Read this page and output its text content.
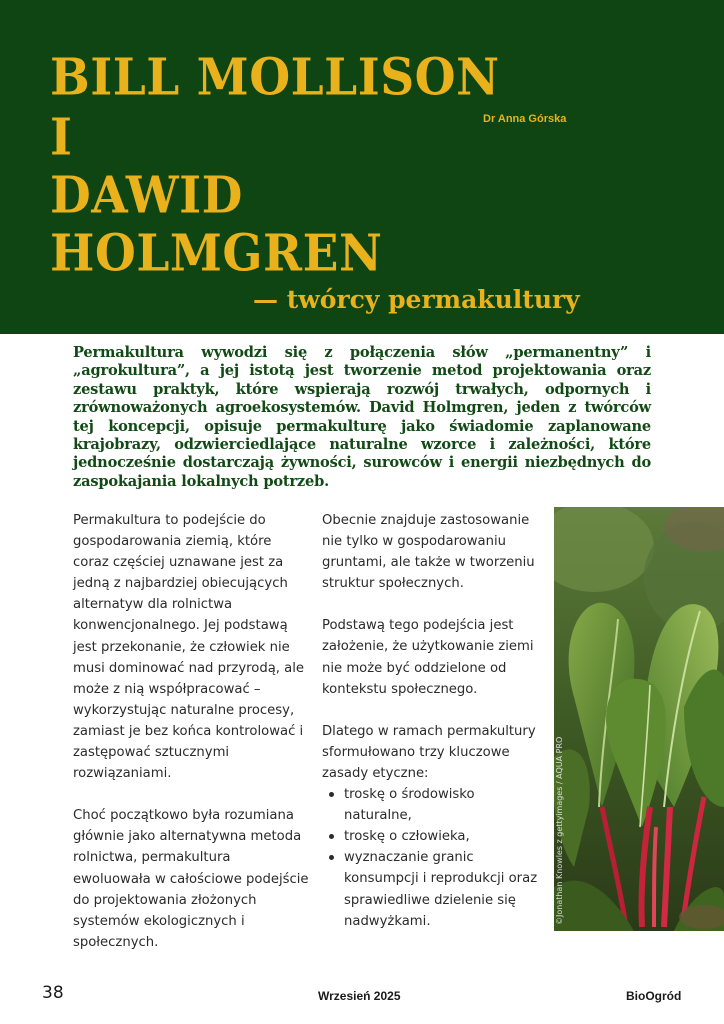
BILL MOLLISON
I
DAWID
HOLMGREN
Dr Anna Górska
— twórcy permakultury

Permakultura wywodzi się z połączenia słów „permanentny” i „agrokultura”, a jej istotą jest tworzenie metod projektowania oraz zestawu praktyk, które wspierają rozwój trwałych, odpornych i zrównoważonych agroekosystemów. David Holmgren, jeden z twórców tej koncepcji, opisuje permakulturę jako świadomie zaplanowane krajobrazy, odzwierciedlające naturalne wzorce i zależności, które jednocześnie dostarczają żywności, surowców i energii niezbędnych do zaspokajania lokalnych potrzeb.

Permakultura to podejście do gospodarowania ziemią, które coraz częściej uznawane jest za jedną z najbardziej obiecujących alternatyw dla rolnictwa konwencjonalnego. Jej podstawą jest przekonanie, że człowiek nie musi dominować nad przyrodą, ale może z nią współpracować – wykorzystując naturalne procesy, zamiast je bez końca kontrolować i zastępować sztucznymi rozwiązaniami.

Choć początkowo była rozumiana głównie jako alternatywna metoda rolnictwa, permakultura ewoluowała w całościowe podejście do projektowania złożonych systemów ekologicznych i społecznych.

Obecnie znajduje zastosowanie nie tylko w gospodarowaniu gruntami, ale także w tworzeniu struktur społecznych.

Podstawą tego podejścia jest założenie, że użytkowanie ziemi nie może być oddzielone od kontekstu społecznego.

Dlatego w ramach permakultury sformułowano trzy kluczowe zasady etyczne:

troskę o środowisko naturalne,
troskę o człowieka,
wyznaczanie granic konsumpcji i reprodukcji oraz sprawiedliwe dzielenie się nadwyżkami.	©Jonathan Knowles z gettyimages / AQUA PRO
38	Wrzesień 2025	BioOgród
